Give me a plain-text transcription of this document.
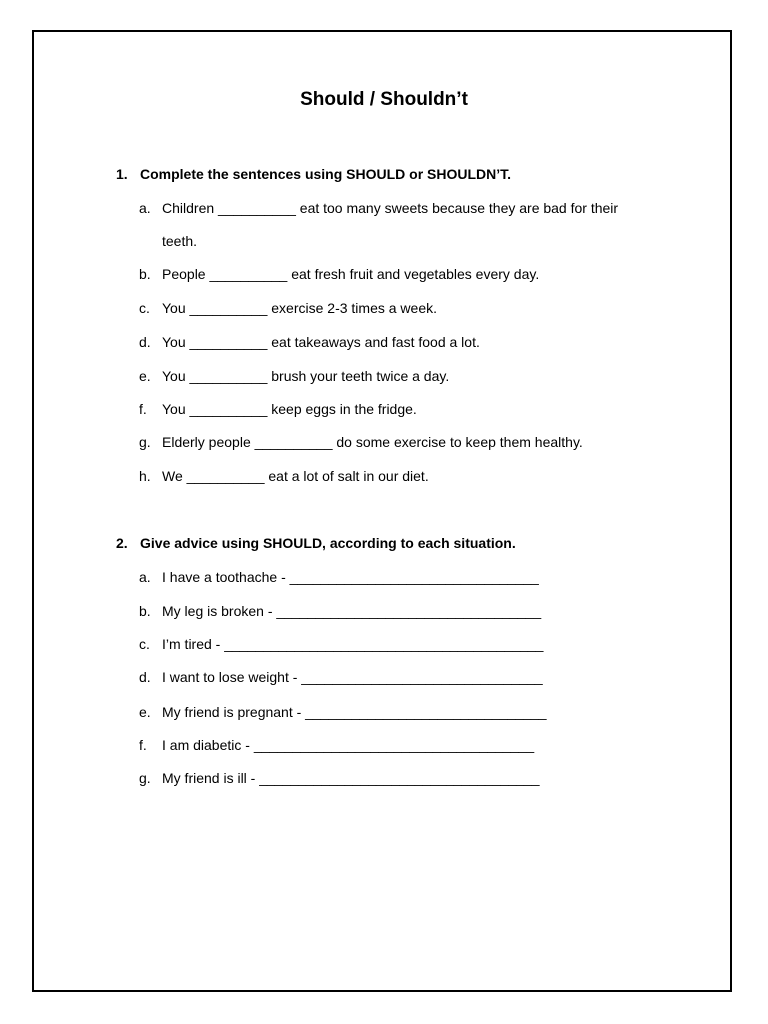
Should / Shouldn’t
1. Complete the sentences using SHOULD or SHOULDN’T.
a. Children __________ eat too many sweets because they are bad for their
teeth.
b. People __________ eat fresh fruit and vegetables every day.
c. You __________ exercise 2-3 times a week.
d. You __________ eat takeaways and fast food a lot.
e. You __________ brush your teeth twice a day.
f. You __________ keep eggs in the fridge.
g. Elderly people __________ do some exercise to keep them healthy.
h. We __________ eat a lot of salt in our diet.
2. Give advice using SHOULD, according to each situation.
a. I have a toothache - ________________________________
b. My leg is broken - __________________________________
c. I’m tired - _________________________________________
d. I want to lose weight - _______________________________
e. My friend is pregnant - _______________________________
f. I am diabetic - ____________________________________
g. My friend is ill - ____________________________________
